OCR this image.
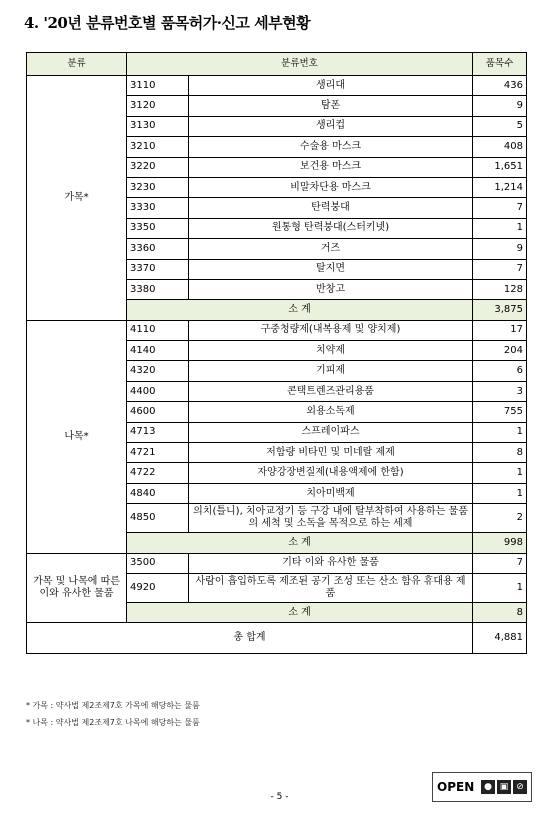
4. '20년 분류번호별 품목허가·신고 세부현황
분류	분류번호		품목수
가목*	3110	생리대	436
	3120	탐폰	9
	3130	생리컵	5
	3210	수술용 마스크	408
	3220	보건용 마스크	1,651
	3230	비말차단용 마스크	1,214
	3330	탄력붕대	7
	3350	원통형 탄력붕대(스터키넷)	1
	3360	거즈	9
	3370	탈지면	7
	3380	반창고	128
	소 계		3,875
나목*	4110	구중청량제(내복용제 및 양치제)	17
	4140	치약제	204
	4320	기피제	6
	4400	콘택트렌즈관리용품	3
	4600	외용소독제	755
	4713	스프레이파스	1
	4721	저함량 비타민 및 미네랄 제제	8
	4722	자양강장변질제(내용액제에 한함)	1
	4840	치아미백제	1
	4850	의치(틀니), 치아교정기 등 구강 내에 탈부착하여 사용하는 물품의 세척 및 소독을 목적으로 하는 세제	2
	소 계		998
가목 및 나목에 따른 이와 유사한 물품	3500	기타 이와 유사한 물품	7
	4920	사람이 흡입하도록 제조된 공기 조성 또는 산소 함유 휴대용 제품	1
	소 계		8
총 합계			4,881
* 가목 : 약사법 제2조제7호 가목에 해당하는 물품
* 나목 : 약사법 제2조제7호 나목에 해당하는 물품
OPEN	● ▣ ⊘
- 5 -
